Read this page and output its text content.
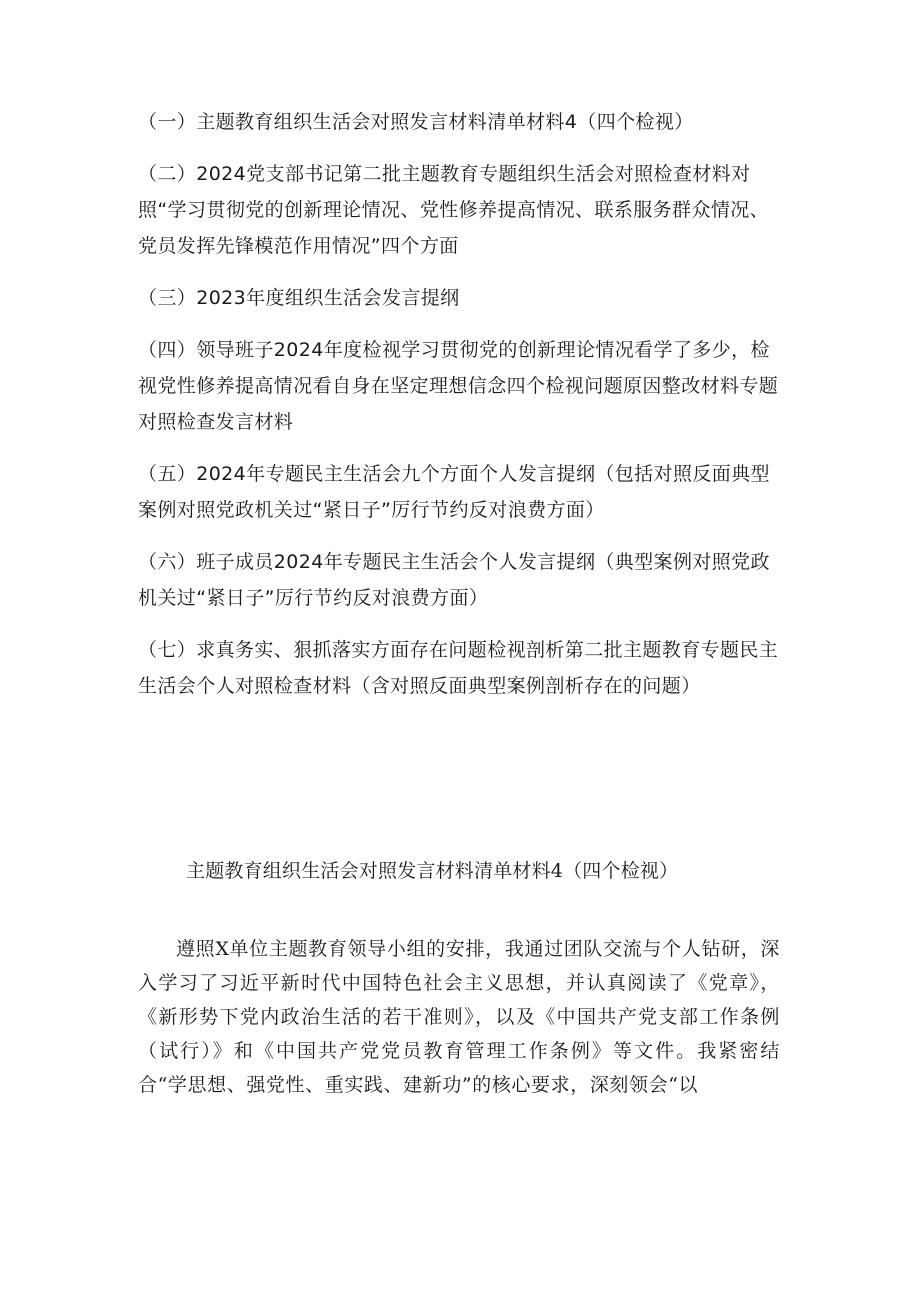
（一）主题教育组织生活会对照发言材料清单材料4（四个检视）

（二）2024党支部书记第二批主题教育专题组织生活会对照检查材料对照“学习贯彻党的创新理论情况、党性修养提高情况、联系服务群众情况、党员发挥先锋模范作用情况”四个方面

（三）2023年度组织生活会发言提纲

（四）领导班子2024年度检视学习贯彻党的创新理论情况看学了多少，检视党性修养提高情况看自身在坚定理想信念四个检视问题原因整改材料专题对照检查发言材料

（五）2024年专题民主生活会九个方面个人发言提纲（包括对照反面典型案例对照党政机关过“紧日子”厉行节约反对浪费方面）

（六）班子成员2024年专题民主生活会个人发言提纲（典型案例对照党政机关过“紧日子”厉行节约反对浪费方面）

（七）求真务实、狠抓落实方面存在问题检视剖析第二批主题教育专题民主生活会个人对照检查材料（含对照反面典型案例剖析存在的问题）

主题教育组织生活会对照发言材料清单材料4（四个检视）

遵照X单位主题教育领导小组的安排，我通过团队交流与个人钻研，深入学习了习近平新时代中国特色社会主义思想，并认真阅读了《党章》，《新形势下党内政治生活的若干准则》，以及《中国共产党支部工作条例（试行）》和《中国共产党党员教育管理工作条例》等文件。我紧密结合“学思想、强党性、重实践、建新功”的核心要求，深刻领会“以
